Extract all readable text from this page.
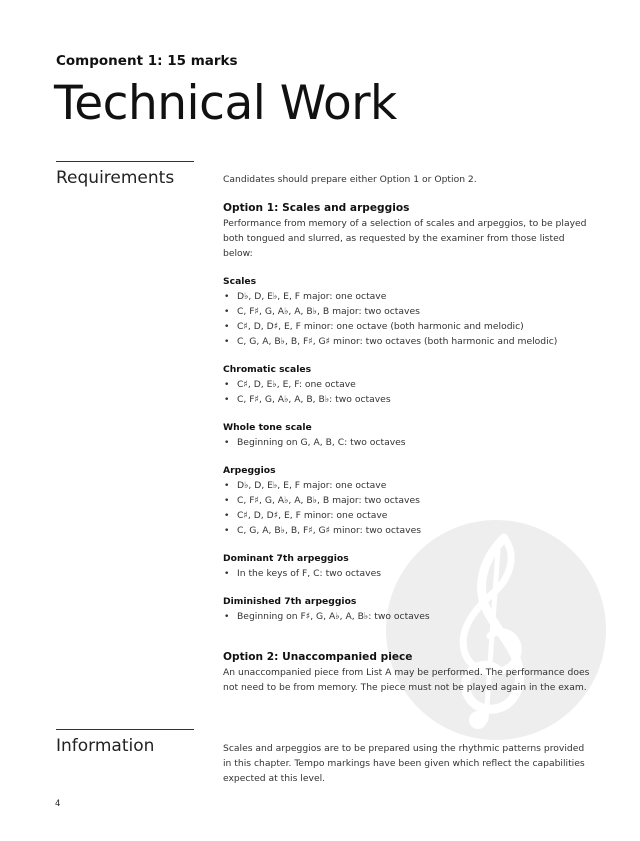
Component 1: 15 marks
Technical Work
Requirements	Candidates should prepare either Option 1 or Option 2.

Option 1: Scales and arpeggios

Performance from memory of a selection of scales and arpeggios, to be played both tongued and slurred, as requested by the examiner from those listed below:

Scales

• D♭, D, E♭, E, F major: one octave
• C, F♯, G, A♭, A, B♭, B major: two octaves
• C♯, D, D♯, E, F minor: one octave (both harmonic and melodic)
• C, G, A, B♭, B, F♯, G♯ minor: two octaves (both harmonic and melodic)

Chromatic scales

• C♯, D, E♭, E, F: one octave
• C, F♯, G, A♭, A, B, B♭: two octaves

Whole tone scale

• Beginning on G, A, B, C: two octaves

Arpeggios

• D♭, D, E♭, E, F major: one octave
• C, F♯, G, A♭, A, B♭, B major: two octaves
• C♯, D, D♯, E, F minor: one octave
• C, G, A, B♭, B, F♯, G♯ minor: two octaves

Dominant 7th arpeggios

• In the keys of F, C: two octaves

Diminished 7th arpeggios

• Beginning on F♯, G, A♭, A, B♭: two octaves

Option 2: Unaccompanied piece

An unaccompanied piece from List A may be performed. The performance does not need to be from memory. The piece must not be played again in the exam.

Information	Scales and arpeggios are to be prepared using the rhythmic patterns provided in this chapter. Tempo markings have been given which reflect the capabilities expected at this level.

4
